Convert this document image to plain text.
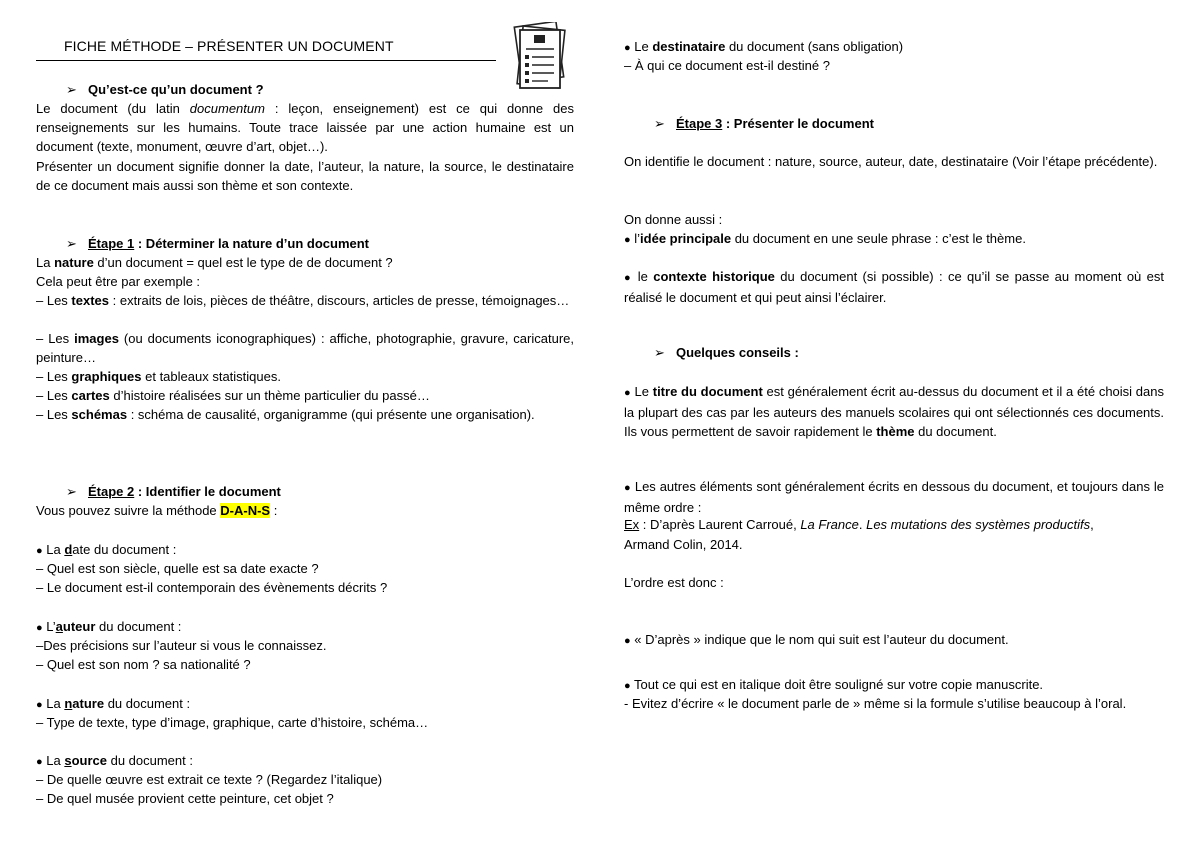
FICHE MÉTHODE – PRÉSENTER UN DOCUMENT
➢ Qu’est-ce qu’un document ?
Le document (du latin documentum : leçon, enseignement) est ce qui donne des renseignements sur les humains. Toute trace laissée par une action humaine est un document (texte, monument, œuvre d’art, objet…).
Présenter un document signifie donner la date, l’auteur, la nature, la source, le destinataire de ce document mais aussi son thème et son contexte.
➢ Étape 1 : Déterminer la nature d’un document
La nature d’un document = quel est le type de de document ?
Cela peut être par exemple :
– Les textes : extraits de lois, pièces de théâtre, discours, articles de presse, témoignages…
– Les images (ou documents iconographiques) : affiche, photographie, gravure, caricature, peinture…
– Les graphiques et tableaux statistiques.
– Les cartes d’histoire réalisées sur un thème particulier du passé…
– Les schémas : schéma de causalité, organigramme (qui présente une organisation).
➢ Étape 2 : Identifier le document
Vous pouvez suivre la méthode D-A-N-S :
● La date du document :
– Quel est son siècle, quelle est sa date exacte ?
– Le document est-il contemporain des évènements décrits ?
● L’auteur du document :
–Des précisions sur l’auteur si vous le connaissez.
– Quel est son nom ? sa nationalité ?
● La nature du document :
– Type de texte, type d’image, graphique, carte d’histoire, schéma…
● La source du document :
– De quelle œuvre est extrait ce texte ? (Regardez l’italique)
– De quel musée provient cette peinture, cet objet ?
● Le destinataire du document (sans obligation)
– À qui ce document est-il destiné ?
➢ Étape 3 : Présenter le document
On identifie le document : nature, source, auteur, date, destinataire (Voir l’étape précédente).
On donne aussi :
● l’idée principale du document en une seule phrase : c’est le thème.
● le contexte historique du document (si possible) : ce qu’il se passe au moment où est réalisé le document et qui peut ainsi l’éclairer.
➢ Quelques conseils :
● Le titre du document est généralement écrit au-dessus du document et il a été choisi dans la plupart des cas par les auteurs des manuels scolaires qui ont sélectionnés ces documents. Ils vous permettent de savoir rapidement le thème du document.
● Les autres éléments sont généralement écrits en dessous du document, et toujours dans le même ordre :
Ex : D’après Laurent Carroué, La France. Les mutations des systèmes productifs,
Armand Colin, 2014.
L’ordre est donc :
● « D’après » indique que le nom qui suit est l’auteur du document.
● Tout ce qui est en italique doit être souligné sur votre copie manuscrite.
- Evitez d’écrire « le document parle de » même si la formule s’utilise beaucoup à l’oral.
